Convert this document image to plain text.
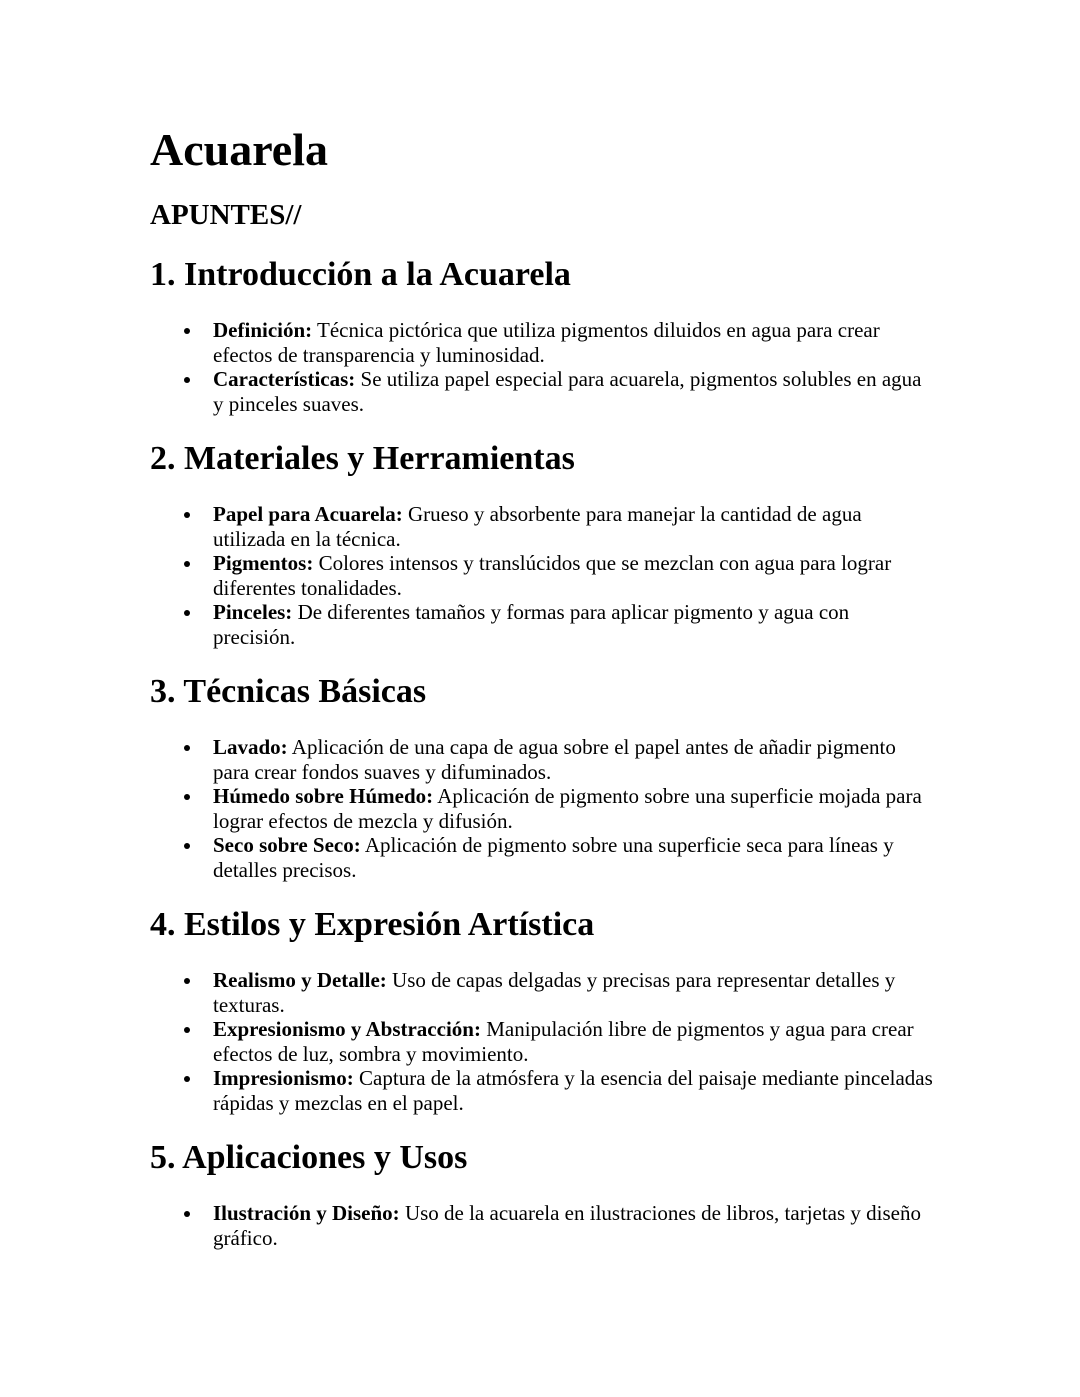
Acuarela
APUNTES//
1. Introducción a la Acuarela
Definición: Técnica pictórica que utiliza pigmentos diluidos en agua para crear efectos de transparencia y luminosidad.
Características: Se utiliza papel especial para acuarela, pigmentos solubles en agua y pinceles suaves.
2. Materiales y Herramientas
Papel para Acuarela: Grueso y absorbente para manejar la cantidad de agua utilizada en la técnica.
Pigmentos: Colores intensos y translúcidos que se mezclan con agua para lograr diferentes tonalidades.
Pinceles: De diferentes tamaños y formas para aplicar pigmento y agua con precisión.
3. Técnicas Básicas
Lavado: Aplicación de una capa de agua sobre el papel antes de añadir pigmento para crear fondos suaves y difuminados.
Húmedo sobre Húmedo: Aplicación de pigmento sobre una superficie mojada para lograr efectos de mezcla y difusión.
Seco sobre Seco: Aplicación de pigmento sobre una superficie seca para líneas y detalles precisos.
4. Estilos y Expresión Artística
Realismo y Detalle: Uso de capas delgadas y precisas para representar detalles y texturas.
Expresionismo y Abstracción: Manipulación libre de pigmentos y agua para crear efectos de luz, sombra y movimiento.
Impresionismo: Captura de la atmósfera y la esencia del paisaje mediante pinceladas rápidas y mezclas en el papel.
5. Aplicaciones y Usos
Ilustración y Diseño: Uso de la acuarela en ilustraciones de libros, tarjetas y diseño gráfico.
